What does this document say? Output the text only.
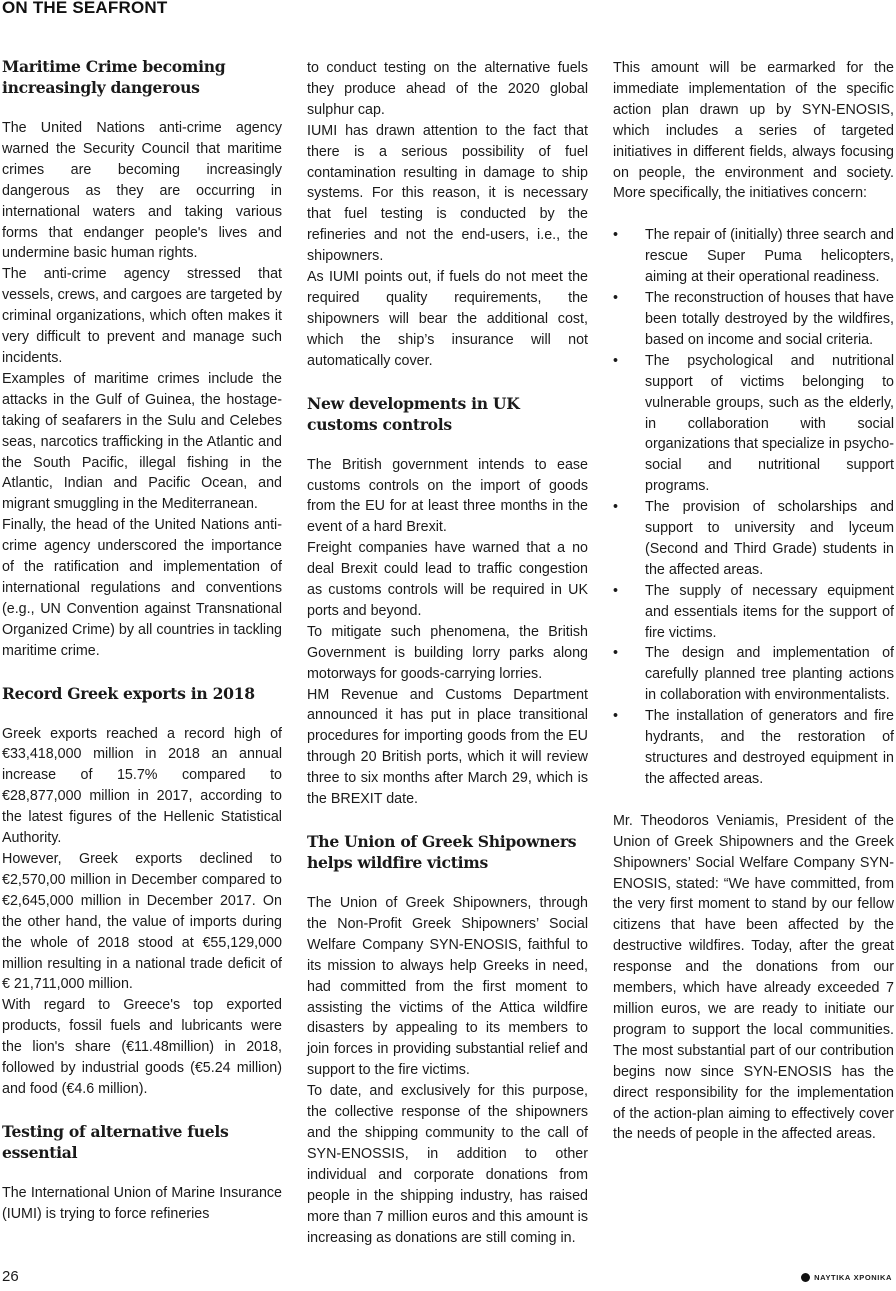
ON THE SEAFRONT
Maritime Crime becoming increasingly dangerous

The United Nations anti-crime agency warned the Security Council that maritime crimes are becoming increasingly dangerous as they are occurring in international waters and taking various forms that endanger people's lives and undermine basic human rights.

The anti-crime agency stressed that vessels, crews, and cargoes are targeted by criminal organizations, which often makes it very difficult to prevent and manage such incidents.

Examples of maritime crimes include the attacks in the Gulf of Guinea, the hostage-taking of seafarers in the Sulu and Celebes seas, narcotics trafficking in the Atlantic and the South Pacific, illegal fishing in the Atlantic, Indian and Pacific Ocean, and migrant smuggling in the Mediterranean.

Finally, the head of the United Nations anti-crime agency underscored the importance of the ratification and implementation of international regulations and conventions (e.g., UN Convention against Transnational Organized Crime) by all countries in tackling maritime crime.

Record Greek exports in 2018

Greek exports reached a record high of €33,418,000 million in 2018 an annual increase of 15.7% compared to €28,877,000 million in 2017, according to the latest figures of the Hellenic Statistical Authority.

However, Greek exports declined to €2,570,00 million in December compared to €2,645,000 million in December 2017. On the other hand, the value of imports during the whole of 2018 stood at €55,129,000 million resulting in a national trade deficit of € 21,711,000 million.

With regard to Greece's top exported products, fossil fuels and lubricants were the lion's share (€11.48million) in 2018, followed by industrial goods (€5.24 million) and food (€4.6 million).

Testing of alternative fuels essential

The International Union of Marine Insurance (IUMI) is trying to force refineries

to conduct testing on the alternative fuels they produce ahead of the 2020 global sulphur cap.

IUMI has drawn attention to the fact that there is a serious possibility of fuel contamination resulting in damage to ship systems. For this reason, it is necessary that fuel testing is conducted by the refineries and not the end-users, i.e., the shipowners.

As IUMI points out, if fuels do not meet the required quality requirements, the shipowners will bear the additional cost, which the ship’s insurance will not automatically cover.

New developments in UK customs controls

The British government intends to ease customs controls on the import of goods from the EU for at least three months in the event of a hard Brexit.

Freight companies have warned that a no deal Brexit could lead to traffic congestion as customs controls will be required in UK ports and beyond.

To mitigate such phenomena, the British Government is building lorry parks along motorways for goods-carrying lorries.

HM Revenue and Customs Department announced it has put in place transitional procedures for importing goods from the EU through 20 British ports, which it will review three to six months after March 29, which is the BREXIT date.

The Union of Greek Shipowners helps wildfire victims

The Union of Greek Shipowners, through the Non-Profit Greek Shipowners’ Social Welfare Company SYN-ENOSIS, faithful to its mission to always help Greeks in need, had committed from the first moment to assisting the victims of the Attica wildfire disasters by appealing to its members to join forces in providing substantial relief and support to the fire victims.

To date, and exclusively for this purpose, the collective response of the shipowners and the shipping community to the call of SYN-ENOSSIS, in addition to other individual and corporate donations from people in the shipping industry, has raised more than 7 million euros and this amount is increasing as donations are still coming in.

This amount will be earmarked for the immediate implementation of the specific action plan drawn up by SYN-ENOSIS, which includes a series of targeted initiatives in different fields, always focusing on people, the environment and society. More specifically, the initiatives concern:

•	The repair of (initially) three search and rescue Super Puma helicopters, aiming at their operational readiness.
•	The reconstruction of houses that have been totally destroyed by the wildfires, based on income and social criteria.
•	The psychological and nutritional support of victims belonging to vulnerable groups, such as the elderly, in collaboration with social organizations that specialize in psycho-social and nutritional support programs.
•	The provision of scholarships and support to university and lyceum (Second and Third Grade) students in the affected areas.
•	The supply of necessary equipment and essentials items for the support of fire victims.
•	The design and implementation of carefully planned tree planting actions in collaboration with environmentalists.
•	The installation of generators and fire hydrants, and the restoration of structures and destroyed equipment in the affected areas.

Mr. Theodoros Veniamis, President of the Union of Greek Shipowners and the Greek Shipowners’ Social Welfare Company SYN-ENOSIS, stated: “We have committed, from the very first moment to stand by our fellow citizens that have been affected by the destructive wildfires. Today, after the great response and the donations from our members, which have already exceeded 7 million euros, we are ready to initiate our program to support the local communities. The most substantial part of our contribution begins now since SYN-ENOSIS has the direct responsibility for the implementation of the action-plan aiming to effectively cover the needs of people in the affected areas.

26	ΝΑΥΤΙΚΑ ΧΡΟΝΙΚΑ
